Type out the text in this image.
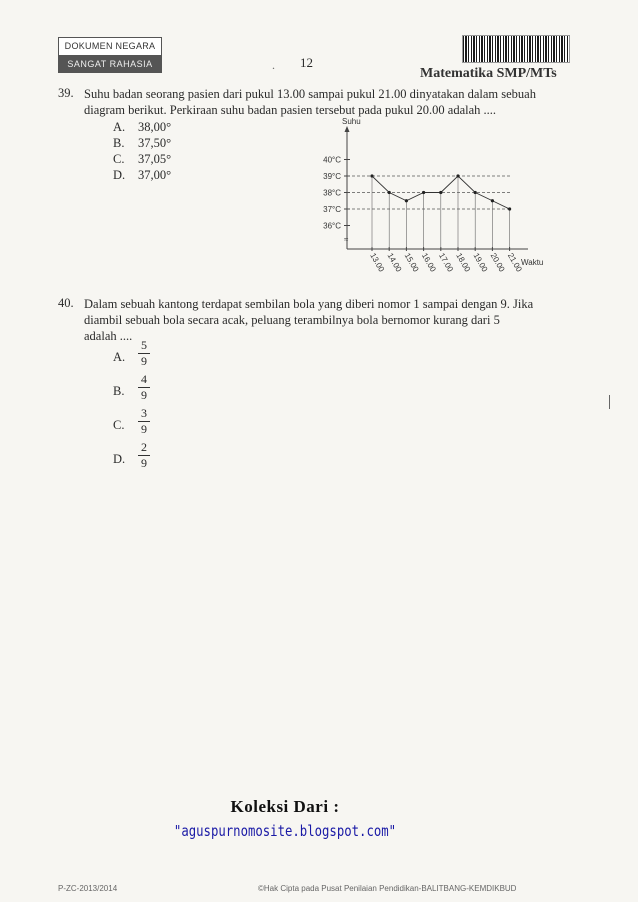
DOKUMEN NEGARA
SANGAT RAHASIA	. 12
Matematika SMP/MTs
39. Suhu badan seorang pasien dari pukul 13.00 sampai pukul 21.00 dinyatakan dalam sebuah
diagram berikut. Perkiraan suhu badan pasien tersebut pada pukul 20.00 adalah ....
A. 38,00°
B. 37,50°
C. 37,05°
D. 37,00°
≈
Suhu
40°C
39°C
38°C
37°C
36°C
13.00 14.00 15.00 16.00 17.00 18.00 19.00 20.00 21.00
Waktu
40. Dalam sebuah kantong terdapat sembilan bola yang diberi nomor 1 sampai dengan 9. Jika
diambil sebuah bola secara acak, peluang terambilnya bola bernomor kurang dari 5
adalah ....
A.
5
9
B.
4
9
C.
3
9
D.
2
9
Koleksi Dari :
"aguspurnomosite.blogspot.com"
P-ZC-2013/2014	©Hak Cipta pada Pusat Penilaian Pendidikan-BALITBANG-KEMDIKBUD
